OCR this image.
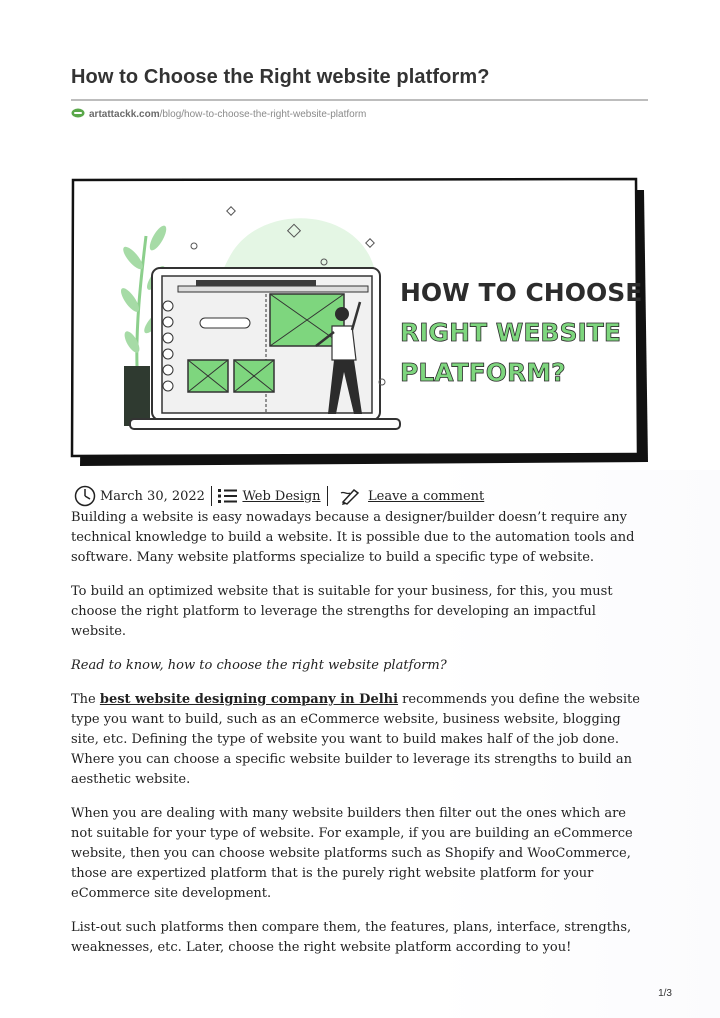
How to Choose the Right website platform?
artattackk.com/blog/how-to-choose-the-right-website-platform
HOW TO CHOOSE
RIGHT WEBSITE
PLATFORM?
March 30, 2022	Web Design	Leave a comment

Building a website is easy nowadays because a designer/builder doesn’t require any technical knowledge to build a website. It is possible due to the automation tools and software. Many website platforms specialize to build a specific type of website.

To build an optimized website that is suitable for your business, for this, you must choose the right platform to leverage the strengths for developing an impactful website.

Read to know, how to choose the right website platform?

The best website designing company in Delhi recommends you define the website type you want to build, such as an eCommerce website, business website, blogging site, etc. Defining the type of website you want to build makes half of the job done. Where you can choose a specific website builder to leverage its strengths to build an aesthetic website.

When you are dealing with many website builders then filter out the ones which are not suitable for your type of website. For example, if you are building an eCommerce website, then you can choose website platforms such as Shopify and WooCommerce, those are expertized platform that is the purely right website platform for your eCommerce site development.

List-out such platforms then compare them, the features, plans, interface, strengths, weaknesses, etc. Later, choose the right website platform according to you!

1/3
